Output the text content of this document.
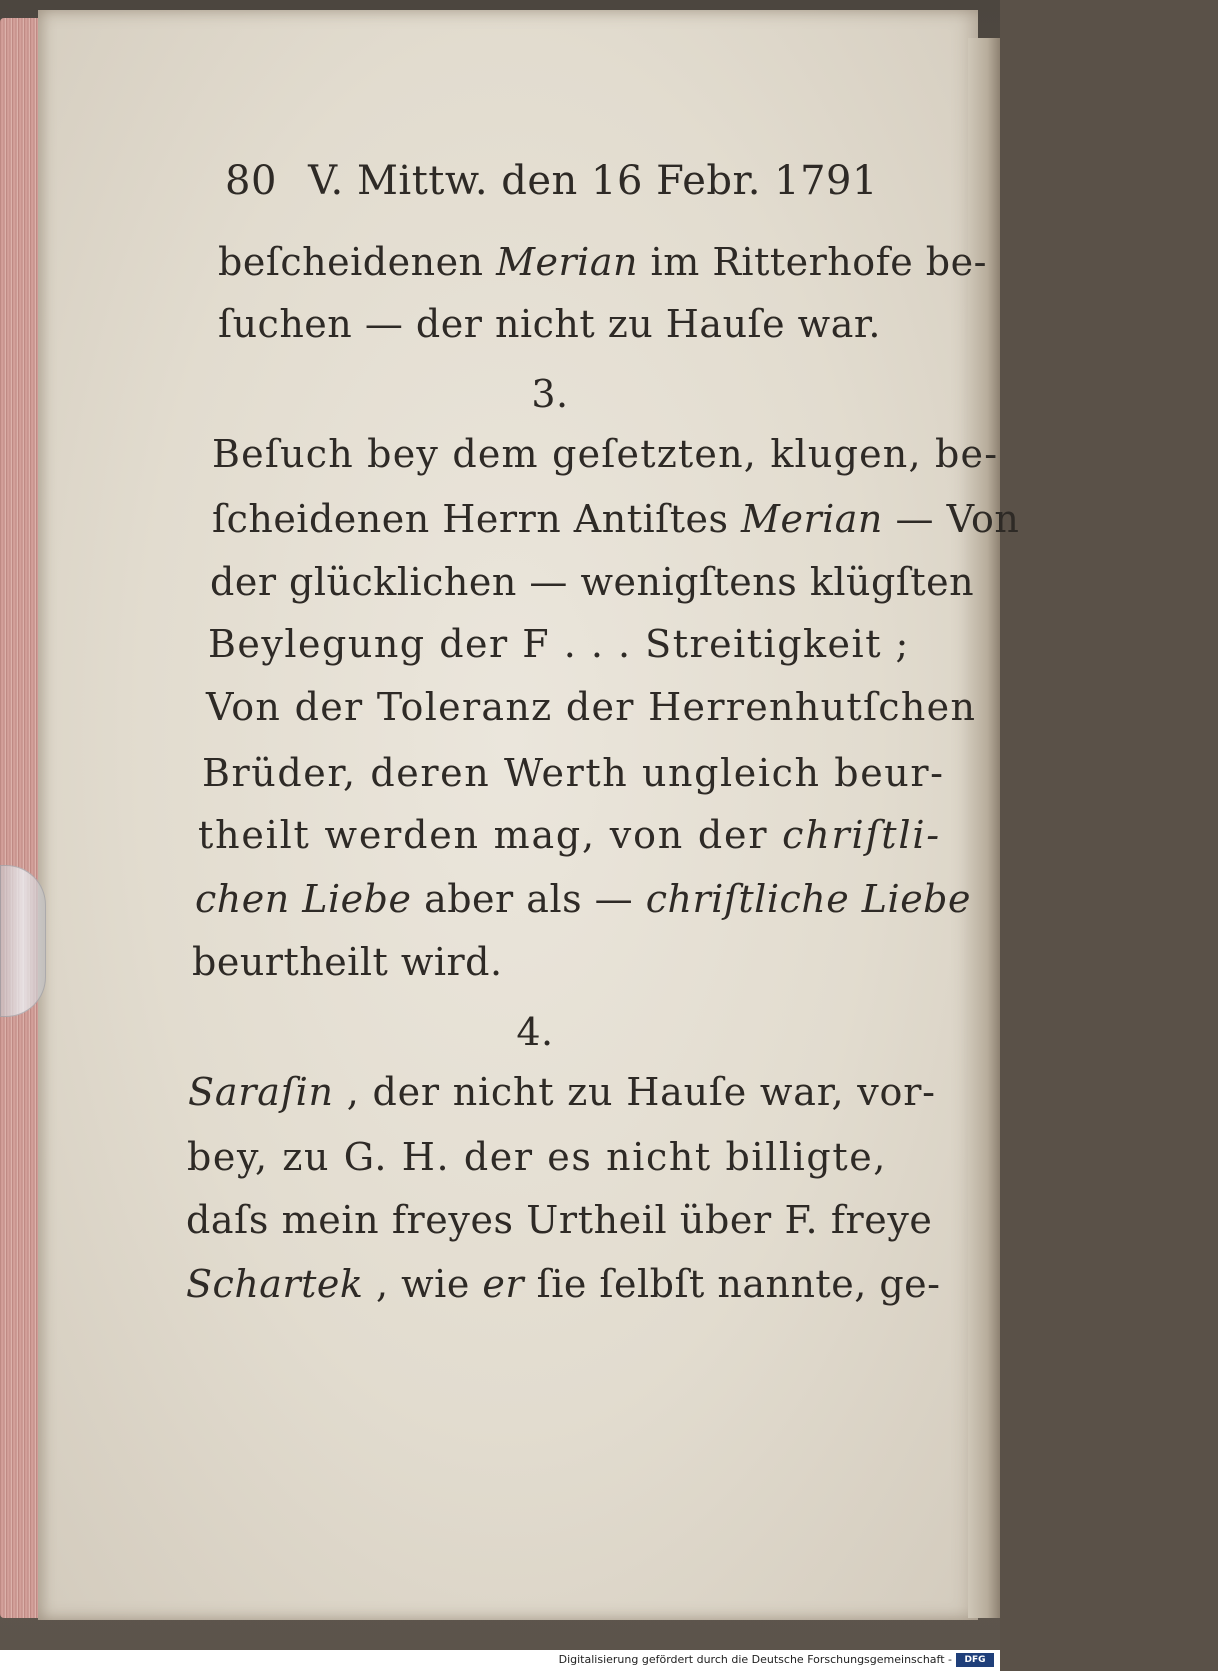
80 V. Mittw. den 16 Febr. 1791
beſcheidenen Merian im Ritterhofe be-
ſuchen — der nicht zu Hauſe war.
3.
Beſuch bey dem geſetzten, klugen, be-
ſcheidenen Herrn Antiſtes Merian — Von
der glücklichen — wenigſtens klügſten
Beylegung der F . . . Streitigkeit ;
Von der Toleranz der Herrenhutſchen
Brüder, deren Werth ungleich beur-
theilt werden mag, von der chriſtli-
chen Liebe aber als — chriſtliche Liebe
beurtheilt wird.
4.
Saraſin , der nicht zu Hauſe war, vor-
bey, zu G. H. der es nicht billigte,
daſs mein freyes Urtheil über F. freye
Schartek , wie er ſie ſelbſt nannte, ge-
Digitalisierung gefördert durch die Deutsche Forschungsgemeinschaft -	DFG
